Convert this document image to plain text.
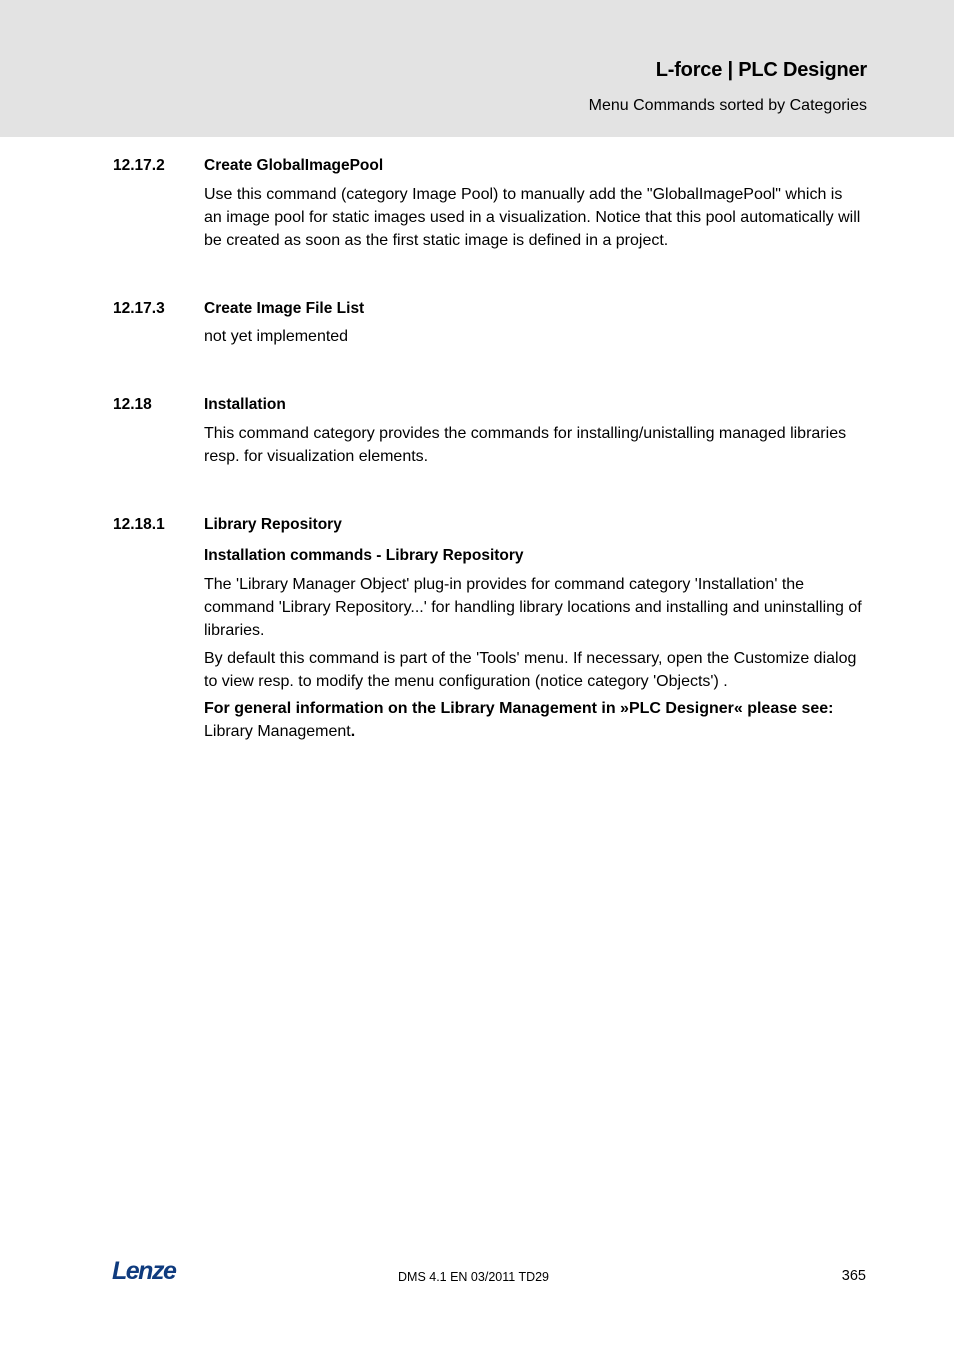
L-force | PLC Designer
Menu Commands sorted by Categories
12.17.2	Create GlobalImagePool

Use this command (category Image Pool) to manually add the "GlobalImagePool" which is an image pool for static images used in a visualization. Notice that this pool automatically will be created as soon as the first static image is defined in a project.

12.17.3	Create Image File List

not yet implemented

12.18	Installation

This command category provides the commands for installing/unistalling managed libraries resp. for visualization elements.

12.18.1	Library Repository
Installation commands - Library Repository

The 'Library Manager Object' plug-in provides for command category 'Installation' the command 'Library Repository...' for handling library locations and installing and uninstalling of libraries.

By default this command is part of the 'Tools' menu. If necessary, open the Customize dialog to view resp. to modify the menu configuration (notice category 'Objects') .

For general information on the Library Management in »PLC Designer« please see:
Library Management.

Lenze	DMS 4.1 EN 03/2011 TD29	365
